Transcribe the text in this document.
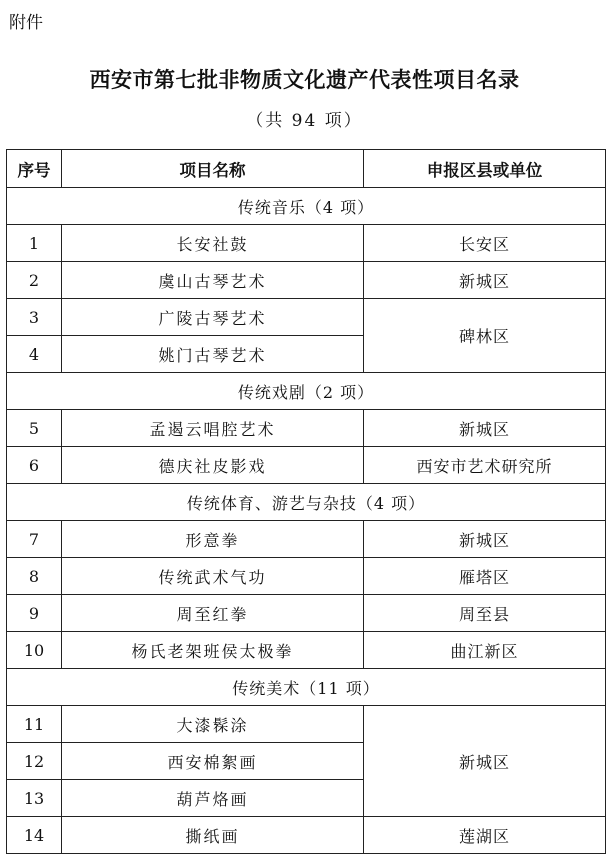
附件
西安市第七批非物质文化遗产代表性项目名录
（共 94 项）
序号	项目名称	申报区县或单位
传统音乐（4 项）		
1	长安社鼓	长安区
2	虞山古琴艺术	新城区
3	广陵古琴艺术	碑林区
4	姚门古琴艺术	
传统戏剧（2 项）		
5	孟遏云唱腔艺术	新城区
6	德庆社皮影戏	西安市艺术研究所
传统体育、游艺与杂技（4 项）		
7	形意拳	新城区
8	传统武术气功	雁塔区
9	周至红拳	周至县
10	杨氏老架班侯太极拳	曲江新区
传统美术（11 项）		
11	大漆髹涂	新城区
12	西安棉絮画	
13	葫芦烙画	
14	撕纸画	莲湖区
